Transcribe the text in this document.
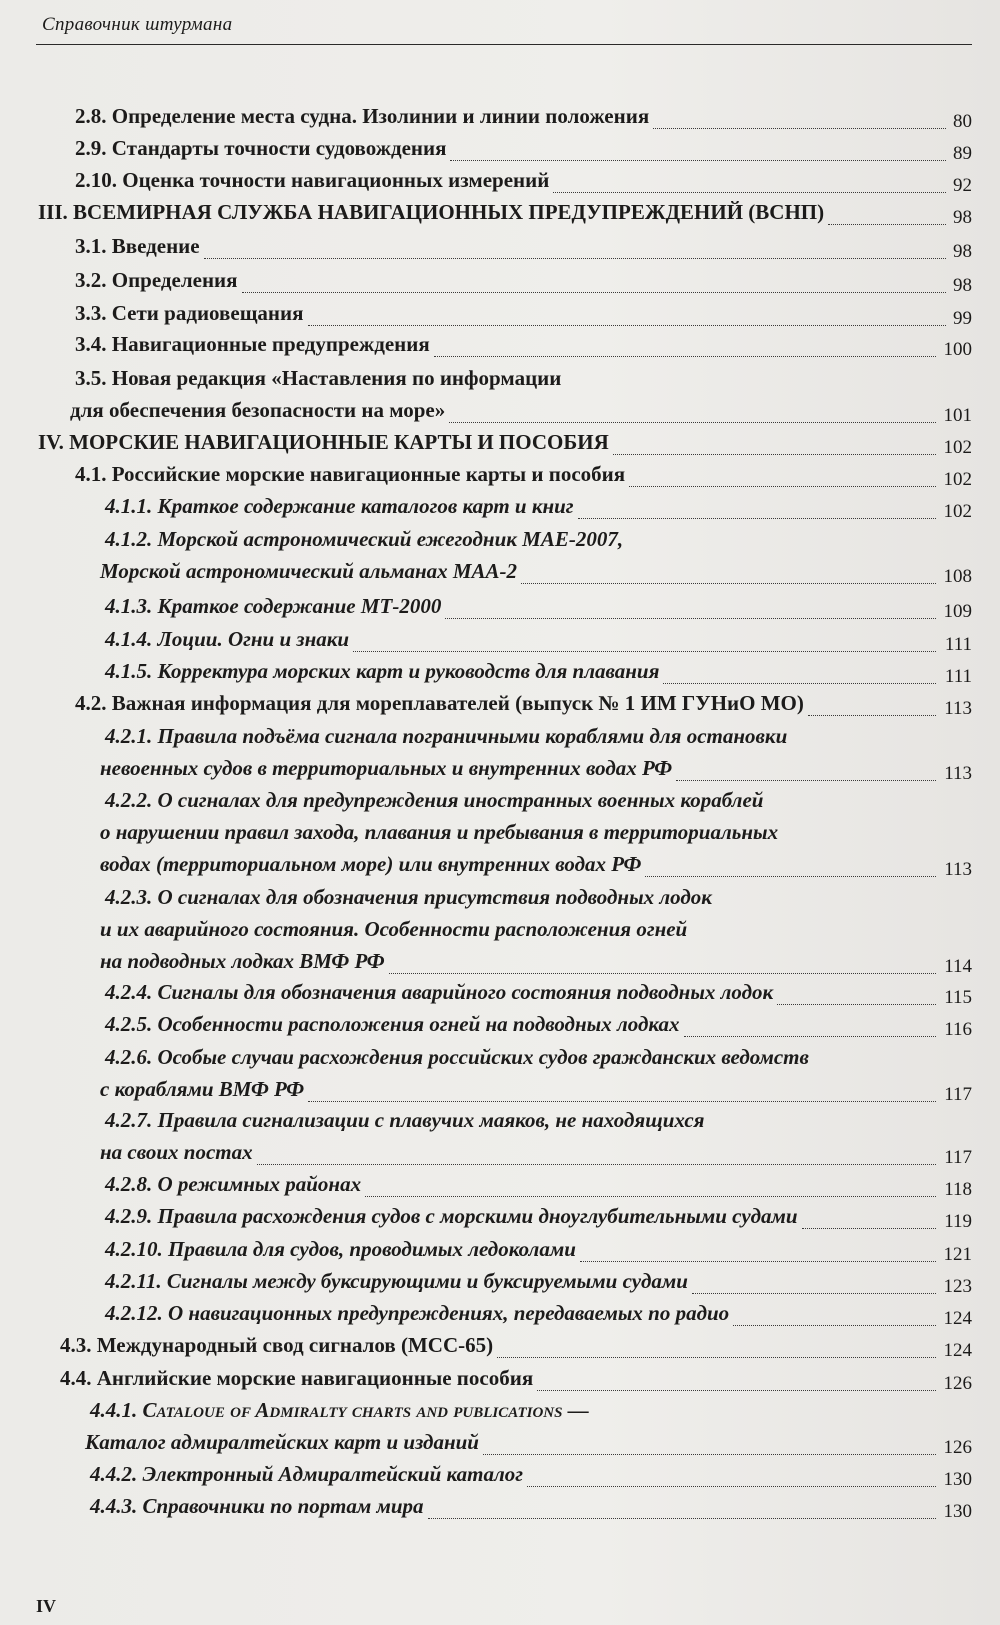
Справочник штурмана
2.8. Определение места судна. Изолинии и линии положения	80
2.9. Стандарты точности судовождения	89
2.10. Оценка точности навигационных измерений	92
III. ВСЕМИРНАЯ СЛУЖБА НАВИГАЦИОННЫХ ПРЕДУПРЕЖДЕНИЙ (ВСНП)	98
3.1. Введение	98
3.2. Определения	98
3.3. Сети радиовещания	99
3.4. Навигационные предупреждения	100
3.5. Новая редакция «Наставления по информации
для обеспечения безопасности на море»	101
IV. МОРСКИЕ НАВИГАЦИОННЫЕ КАРТЫ И ПОСОБИЯ	102
4.1. Российские морские навигационные карты и пособия	102
4.1.1. Краткое содержание каталогов карт и книг	102
4.1.2. Морской астрономический ежегодник МАЕ-2007,
Морской астрономический альманах МАА-2	108
4.1.3. Краткое содержание МТ-2000	109
4.1.4. Лоции. Огни и знаки	111
4.1.5. Корректура морских карт и руководств для плавания	111
4.2. Важная информация для мореплавателей (выпуск № 1 ИМ ГУНиО МО)	113
4.2.1. Правила подъёма сигнала пограничными кораблями для остановки
невоенных судов в территориальных и внутренних водах РФ	113
4.2.2. О сигналах для предупреждения иностранных военных кораблей
о нарушении правил захода, плавания и пребывания в территориальных
водах (территориальном море) или внутренних водах РФ	113
4.2.3. О сигналах для обозначения присутствия подводных лодок
и их аварийного состояния. Особенности расположения огней
на подводных лодках ВМФ РФ	114
4.2.4. Сигналы для обозначения аварийного состояния подводных лодок	115
4.2.5. Особенности расположения огней на подводных лодках	116
4.2.6. Особые случаи расхождения российских судов гражданских ведомств
с кораблями ВМФ РФ	117
4.2.7. Правила сигнализации с плавучих маяков, не находящихся
на своих постах	117
4.2.8. О режимных районах	118
4.2.9. Правила расхождения судов с морскими дноуглубительными судами	119
4.2.10. Правила для судов, проводимых ледоколами	121
4.2.11. Сигналы между буксирующими и буксируемыми судами	123
4.2.12. О навигационных предупреждениях, передаваемых по радио	124
4.3. Международный свод сигналов (МСС-65)	124
4.4. Английские морские навигационные пособия	126
4.4.1. Cataloue of Admiralty charts and publications —
Каталог адмиралтейских карт и изданий	126
4.4.2. Электронный Адмиралтейский каталог	130
4.4.3. Справочники по портам мира	130
IV
